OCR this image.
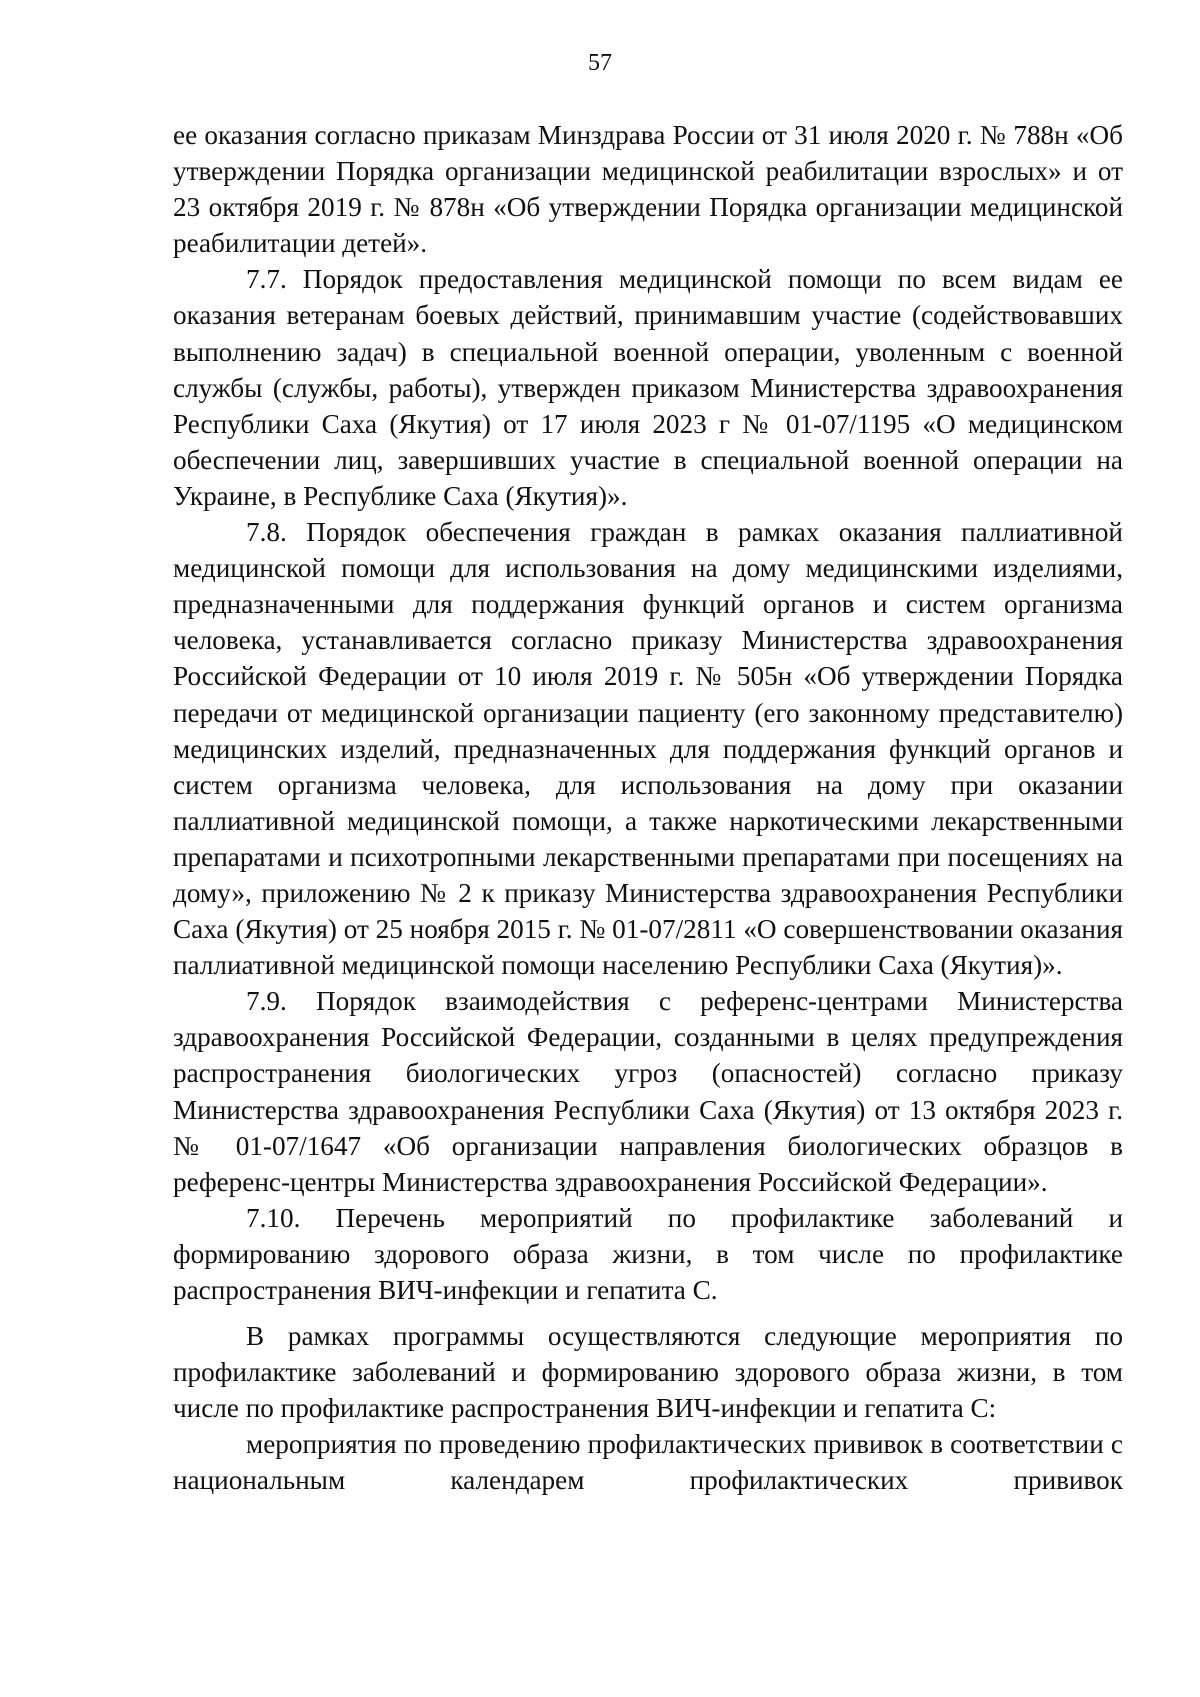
57

ее оказания согласно приказам Минздрава России от 31 июля 2020 г. № 788н «Об утверждении Порядка организации медицинской реабилитации взрослых» и от 23 октября 2019 г. № 878н «Об утверждении Порядка организации медицинской реабилитации детей».

7.7. Порядок предоставления медицинской помощи по всем видам ее оказания ветеранам боевых действий, принимавшим участие (содействовавших выполнению задач) в специальной военной операции, уволенным с военной службы (службы, работы), утвержден приказом Министерства здравоохранения Республики Саха (Якутия) от 17 июля 2023 г № 01-07/1195 «О медицинском обеспечении лиц, завершивших участие в специальной военной операции на Украине, в Республике Саха (Якутия)».

7.8. Порядок обеспечения граждан в рамках оказания паллиативной медицинской помощи для использования на дому медицинскими изделиями, предназначенными для поддержания функций органов и систем организма человека, устанавливается согласно приказу Министерства здравоохранения Российской Федерации от 10 июля 2019 г. № 505н «Об утверждении Порядка передачи от медицинской организации пациенту (его законному представителю) медицинских изделий, предназначенных для поддержания функций органов и систем организма человека, для использования на дому при оказании паллиативной медицинской помощи, а также наркотическими лекарственными препаратами и психотропными лекарственными препаратами при посещениях на дому», приложению № 2 к приказу Министерства здравоохранения Республики Саха (Якутия) от 25 ноября 2015 г. № 01-07/2811 «О совершенствовании оказания паллиативной медицинской помощи населению Республики Саха (Якутия)».

7.9. Порядок взаимодействия с референс-центрами Министерства здравоохранения Российской Федерации, созданными в целях предупреждения распространения биологических угроз (опасностей) согласно приказу Министерства здравоохранения Республики Саха (Якутия) от 13 октября 2023 г. № 01-07/1647 «Об организации направления биологических образцов в референс-центры Министерства здравоохранения Российской Федерации».

7.10. Перечень мероприятий по профилактике заболеваний и формированию здорового образа жизни, в том числе по профилактике распространения ВИЧ-инфекции и гепатита С.

В рамках программы осуществляются следующие мероприятия по профилактике заболеваний и формированию здорового образа жизни, в том числе по профилактике распространения ВИЧ-инфекции и гепатита С:

мероприятия по проведению профилактических прививок в соответствии с национальным календарем профилактических прививок
